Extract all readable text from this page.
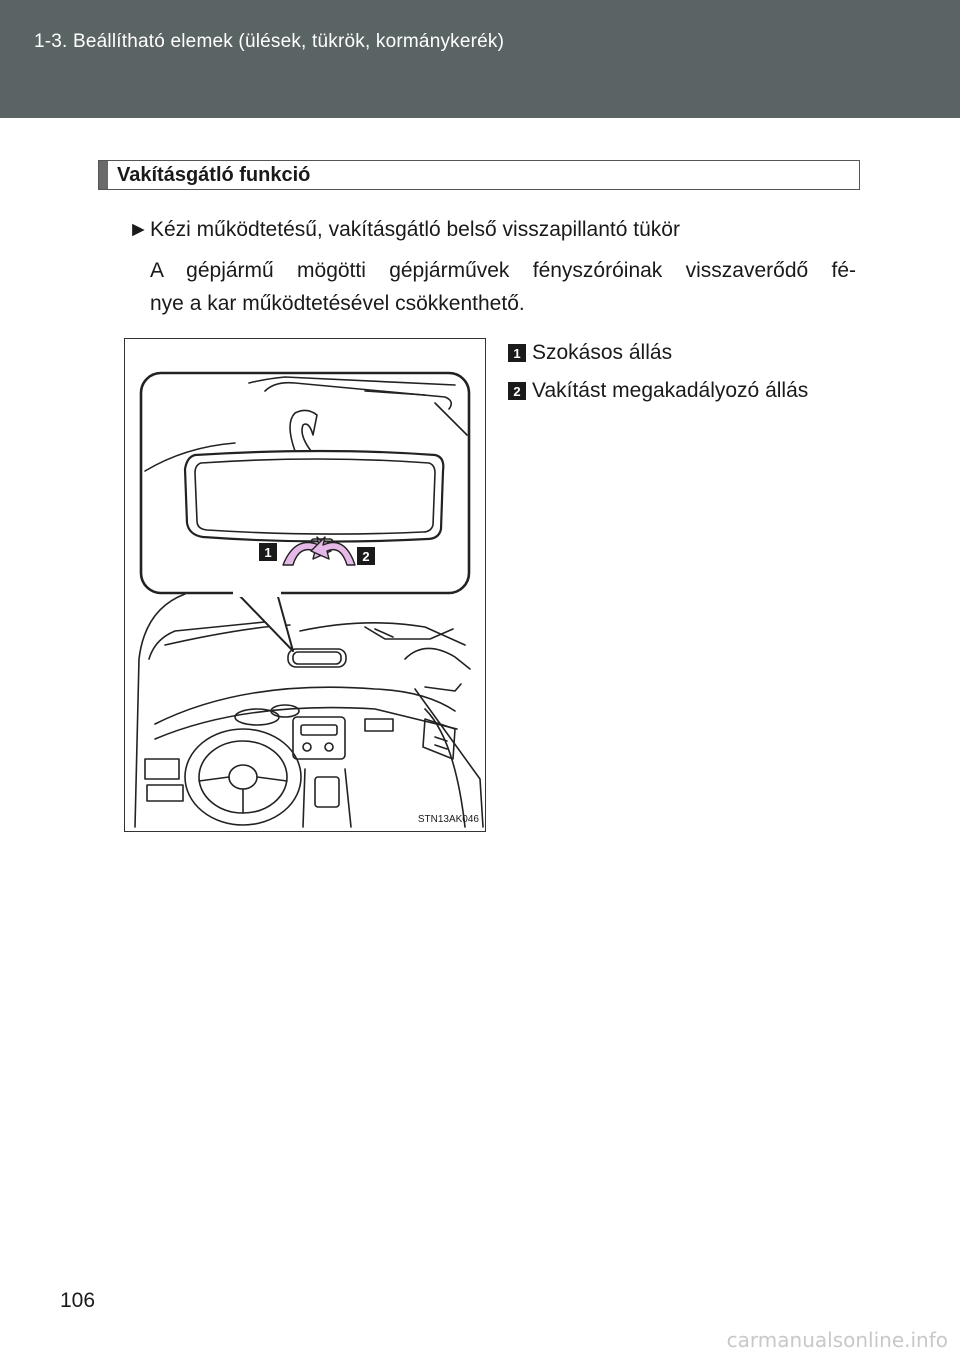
1-3. Beállítható elemek (ülések, tükrök, kormánykerék)
Vakításgátló funkció
►Kézi működtetésű, vakításgátló belső visszapillantó tükör
A gépjármű mögötti gépjárművek fényszóróinak visszaverődő fé-
nye a kar működtetésével csökkenthető.
1 Szokásos állás
2 Vakítást megakadályozó állás
1	2
STN13AK046
106
carmanualsonline.info
